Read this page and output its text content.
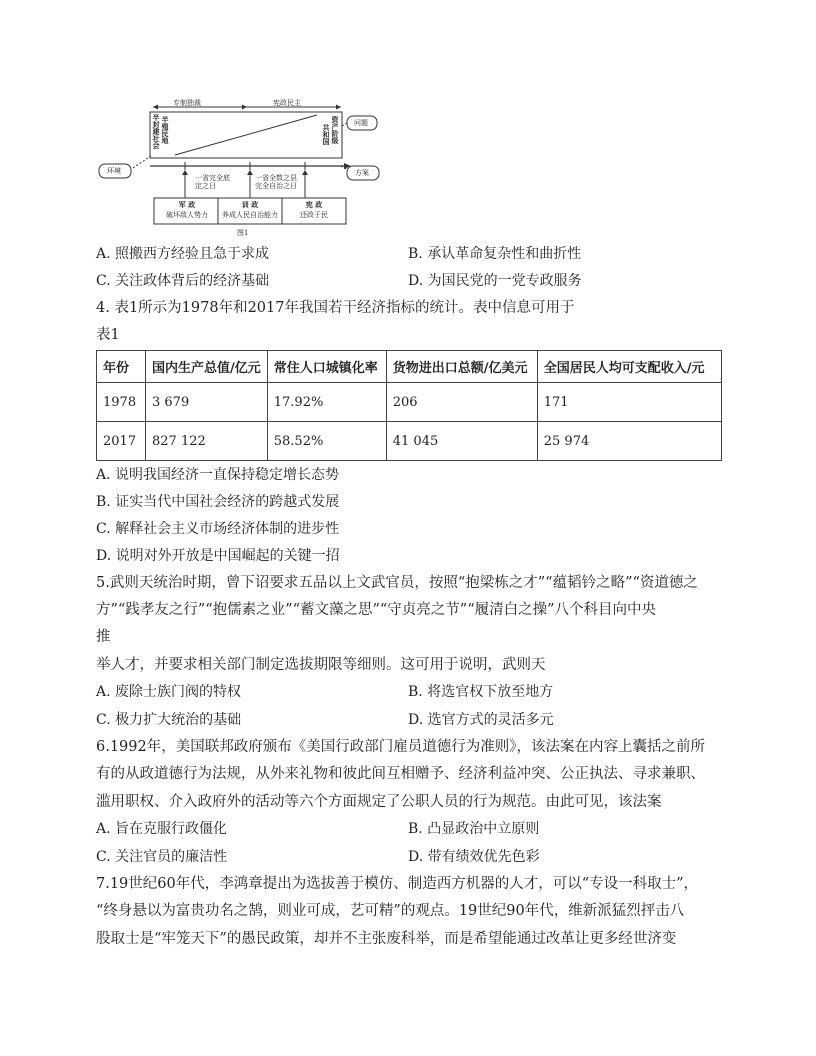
专制独裁	宪政民主
半殖民地
半封建社会	资产阶级
共和国
环境
问题
方案
一省完全底定之日
一省全数之县完全自治之日
军 政
破坏敌人势力
训 政
养成人民自治能力
宪 政
还政于民
图1
A. 照搬西方经验且急于求成	B. 承认革命复杂性和曲折性
C. 关注政体背后的经济基础	D. 为国民党的一党专政服务
4. 表1所示为1978年和2017年我国若干经济指标的统计。表中信息可用于
表1
年份	国内生产总值/亿元	常住人口城镇化率	货物进出口总额/亿美元	全国居民人均可支配收入/元
1978	3 679	17.92%	206	171
2017	827 122	58.52%	41 045	25 974
A. 说明我国经济一直保持稳定增长态势
B. 证实当代中国社会经济的跨越式发展
C. 解释社会主义市场经济体制的进步性
D. 说明对外开放是中国崛起的关键一招
5.武则天统治时期，曾下诏要求五品以上文武官员，按照“抱梁栋之才”“蕴韬钤之略”“资道德之
方”“践孝友之行”“抱儒素之业”“蓄文藻之思”“守贞亮之节”“履清白之操”八个科目向中央
推
举人才，并要求相关部门制定选拔期限等细则。这可用于说明，武则天
A. 废除士族门阀的特权	B. 将选官权下放至地方
C. 极力扩大统治的基础	D. 选官方式的灵活多元
6.1992年，美国联邦政府颁布《美国行政部门雇员道德行为准则》，该法案在内容上囊括之前所
有的从政道德行为法规，从外来礼物和彼此间互相赠予、经济利益冲突、公正执法、寻求兼职、
滥用职权、介入政府外的活动等六个方面规定了公职人员的行为规范。由此可见，该法案
A. 旨在克服行政僵化	B. 凸显政治中立原则
C. 关注官员的廉洁性	D. 带有绩效优先色彩
7.19世纪60年代，李鸿章提出为选拔善于模仿、制造西方机器的人才，可以“专设一科取士”，
“终身悬以为富贵功名之鹄，则业可成，艺可精”的观点。19世纪90年代，维新派猛烈抨击八
股取士是“牢笼天下”的愚民政策，却并不主张废科举，而是希望能通过改革让更多经世济变
